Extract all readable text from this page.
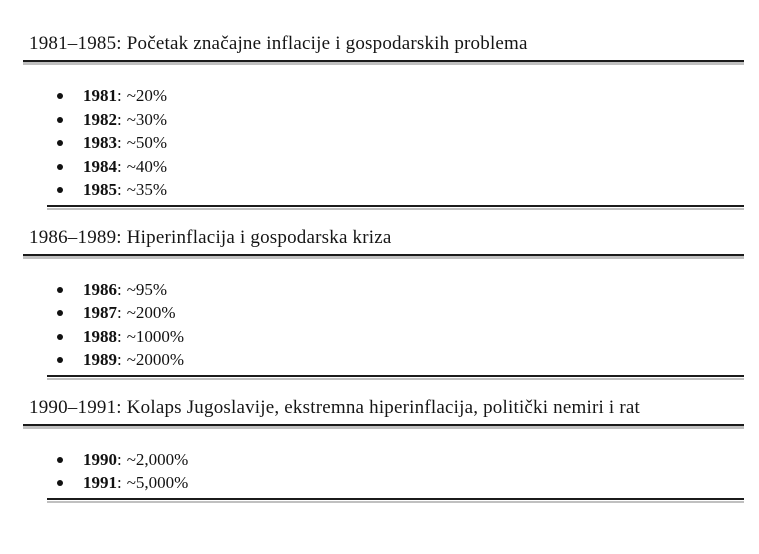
1981–1985: Početak značajne inflacije i gospodarskih problema
1981: ~20%
1982: ~30%
1983: ~50%
1984: ~40%
1985: ~35%
1986–1989: Hiperinflacija i gospodarska kriza
1986: ~95%
1987: ~200%
1988: ~1000%
1989: ~2000%
1990–1991: Kolaps Jugoslavije, ekstremna hiperinflacija, politički nemiri i rat
1990: ~2,000%
1991: ~5,000%
